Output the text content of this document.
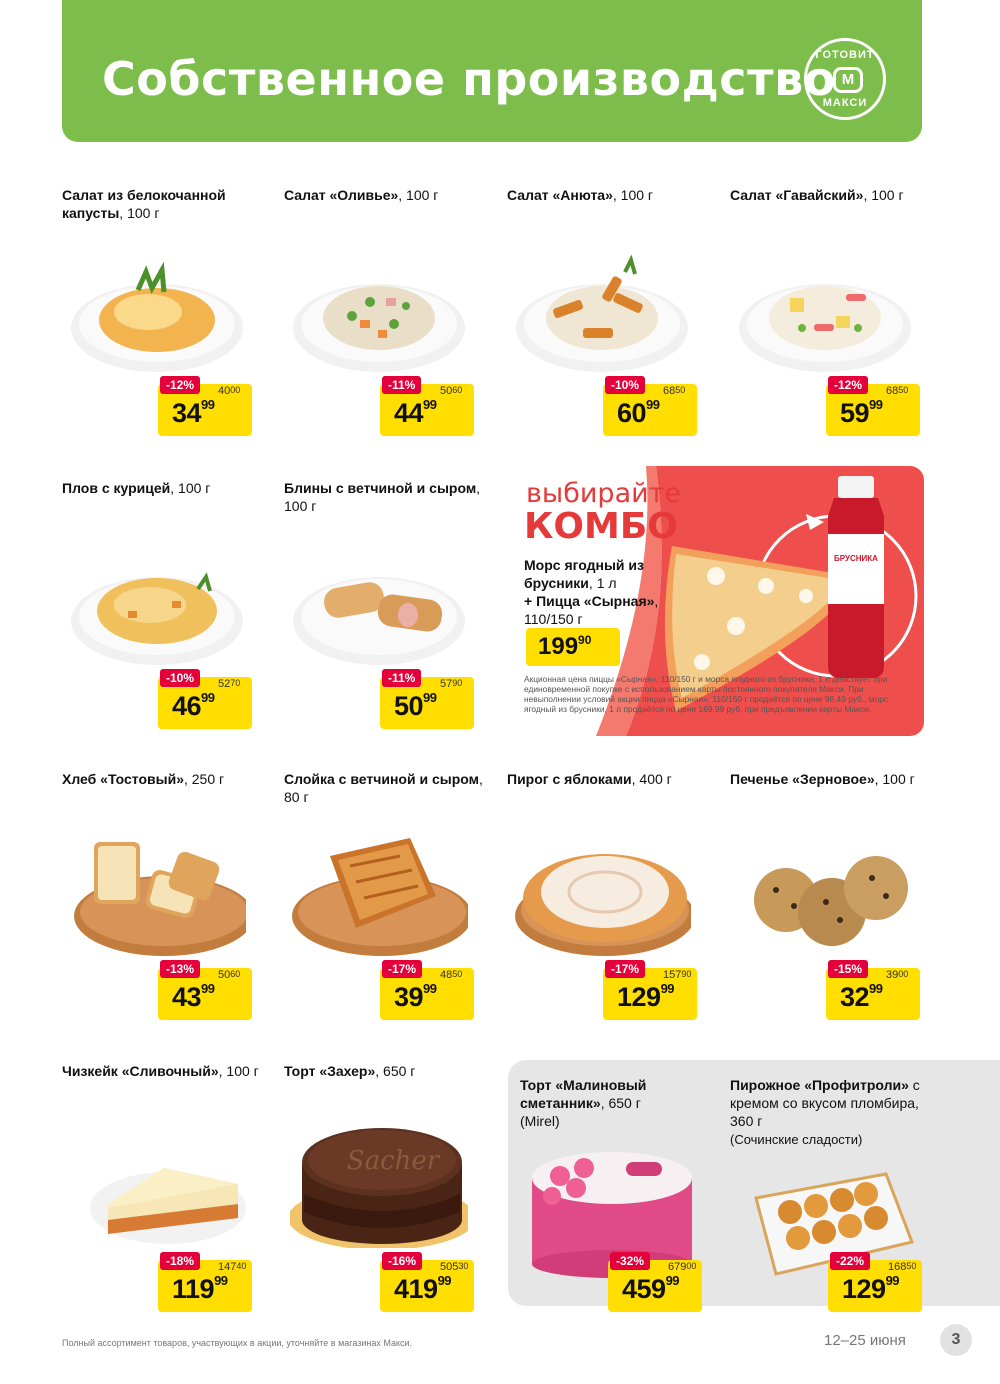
Собственное производство
ГОТОВИТ
M
МАКСИ
Салат из белокочанной капусты, 100 г
-12%	$40^{00}$
$34^{99}$
Салат «Оливье», 100 г
-11%	$50^{60}$
$44^{99}$
Салат «Анюта», 100 г
-10%	$68^{50}$
$60^{99}$
Салат «Гавайский», 100 г
-12%	$68^{50}$
$59^{99}$
Плов с курицей, 100 г
-10%	$52^{70}$
$46^{99}$
Блины с ветчиной и сыром, 100 г
-11%	$57^{90}$
$50^{99}$
БРУСНИКА
выбирайте
КОМБО
Морс ягодный из брусники, 1 л
+ Пицца «Сырная», 110/150 г
$199^{90}$
Акционная цена пиццы «Сырная», 110/150 г и морса ягодного из брусники, 1 л действует при единовременной покупке с использованием карты постоянного покупателя Макси. При невыполнении условий акции пицца «Сырная», 110/150 г продаётся по цене 96,49 руб., морс ягодный из брусники, 1 л продаётся по цене 169,99 руб. при предъявлении карты Макси.
Хлеб «Тостовый», 250 г
-13%	$50^{60}$
$43^{99}$
Слойка с ветчиной и сыром, 80 г
-17%	$48^{50}$
$39^{99}$
Пирог с яблоками, 400 г
-17%	$157^{90}$
$129^{99}$
Печенье «Зерновое», 100 г
-15%	$39^{00}$
$32^{99}$
Чизкейк «Сливочный», 100 г
-18%	$147^{40}$
$119^{99}$
Торт «Захер», 650 г
Sacher
-16%	$505^{30}$
$419^{99}$
Торт «Малиновый сметанник», 650 г
(Mirel)
-32%	$679^{00}$
$459^{99}$
Пирожное «Профитроли» с кремом со вкусом пломбира, 360 г
(Сочинские сладости)
-22%	$168^{50}$
$129^{99}$
Полный ассортимент товаров, участвующих в акции, уточняйте в магазинах Макси.	12–25 июня	3
